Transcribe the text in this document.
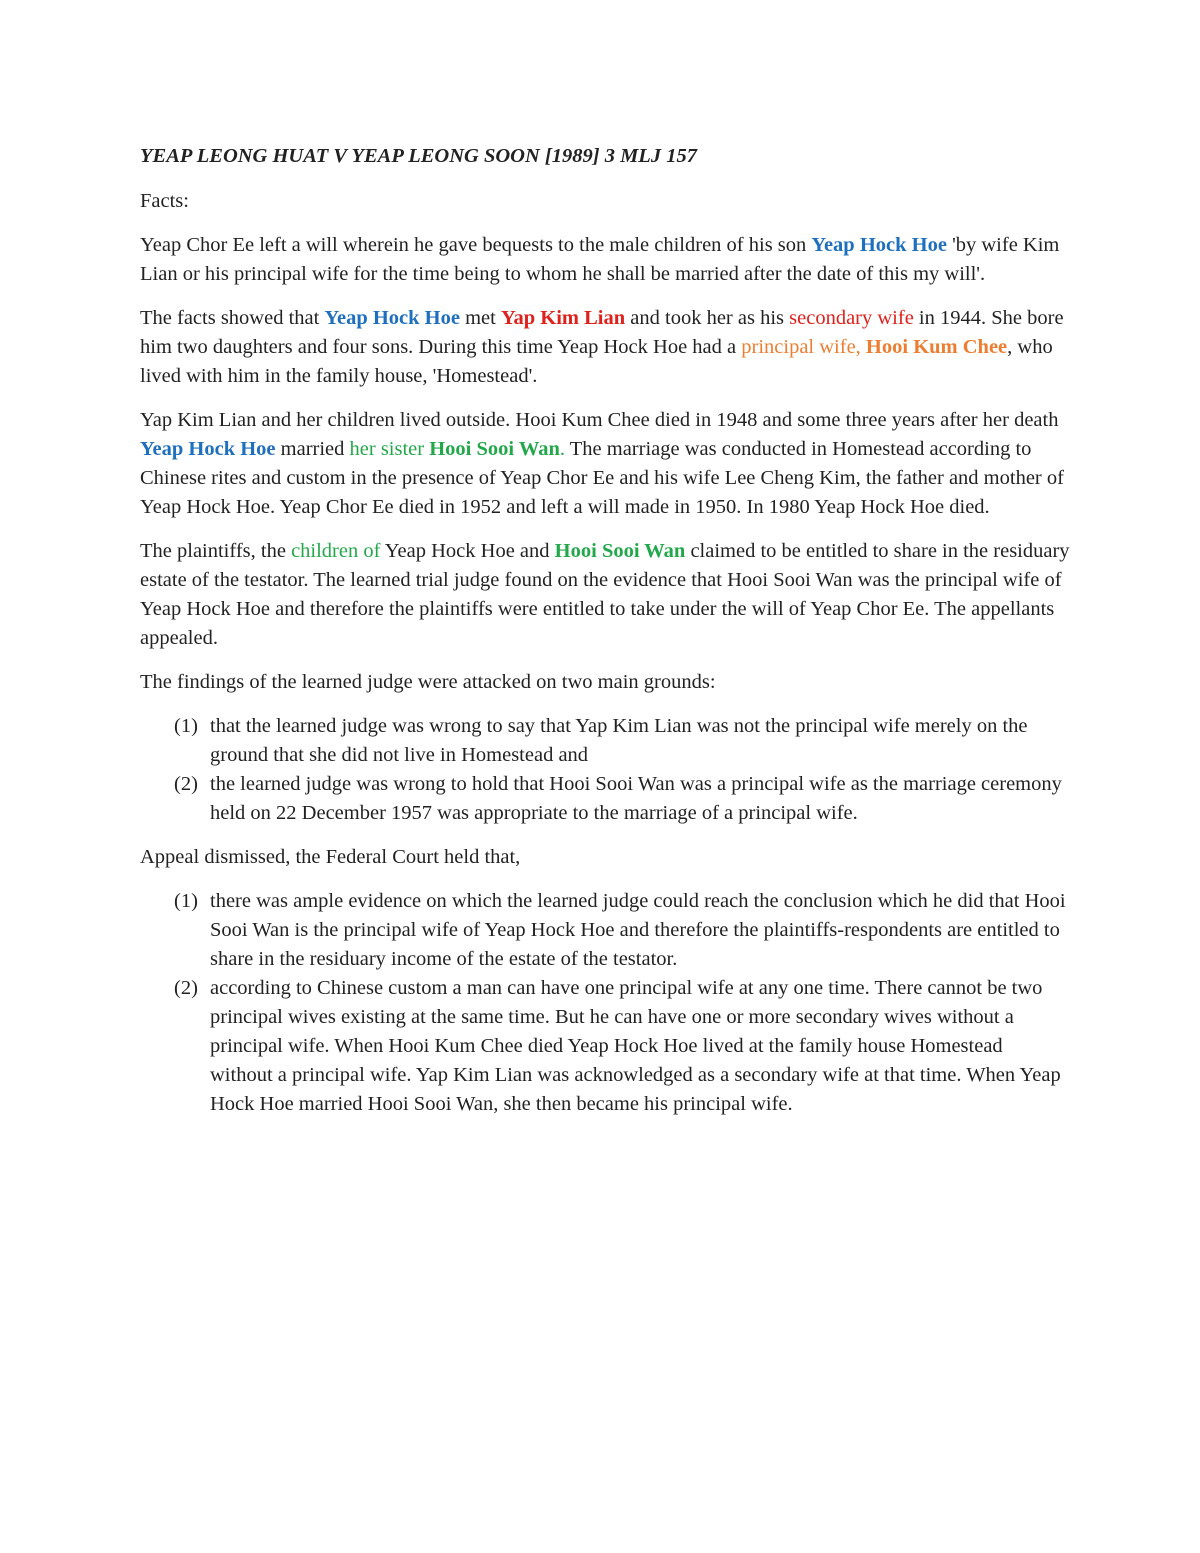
YEAP LEONG HUAT V YEAP LEONG SOON [1989] 3 MLJ 157

Facts:

Yeap Chor Ee left a will wherein he gave bequests to the male children of his son Yeap Hock Hoe 'by wife Kim Lian or his principal wife for the time being to whom he shall be married after the date of this my will'.

The facts showed that Yeap Hock Hoe met Yap Kim Lian and took her as his secondary wife in 1944. She bore him two daughters and four sons. During this time Yeap Hock Hoe had a principal wife, Hooi Kum Chee, who lived with him in the family house, 'Homestead'.

Yap Kim Lian and her children lived outside. Hooi Kum Chee died in 1948 and some three years after her death Yeap Hock Hoe married her sister Hooi Sooi Wan. The marriage was conducted in Homestead according to Chinese rites and custom in the presence of Yeap Chor Ee and his wife Lee Cheng Kim, the father and mother of Yeap Hock Hoe. Yeap Chor Ee died in 1952 and left a will made in 1950. In 1980 Yeap Hock Hoe died.

The plaintiffs, the children of Yeap Hock Hoe and Hooi Sooi Wan claimed to be entitled to share in the residuary estate of the testator. The learned trial judge found on the evidence that Hooi Sooi Wan was the principal wife of Yeap Hock Hoe and therefore the plaintiffs were entitled to take under the will of Yeap Chor Ee. The appellants appealed.

The findings of the learned judge were attacked on two main grounds:

(1) that the learned judge was wrong to say that Yap Kim Lian was not the principal wife merely on the ground that she did not live in Homestead and
(2) the learned judge was wrong to hold that Hooi Sooi Wan was a principal wife as the marriage ceremony held on 22 December 1957 was appropriate to the marriage of a principal wife.

Appeal dismissed, the Federal Court held that,

(1) there was ample evidence on which the learned judge could reach the conclusion which he did that Hooi Sooi Wan is the principal wife of Yeap Hock Hoe and therefore the plaintiffs-respondents are entitled to share in the residuary income of the estate of the testator.
(2) according to Chinese custom a man can have one principal wife at any one time. There cannot be two principal wives existing at the same time. But he can have one or more secondary wives without a principal wife. When Hooi Kum Chee died Yeap Hock Hoe lived at the family house Homestead without a principal wife. Yap Kim Lian was acknowledged as a secondary wife at that time. When Yeap Hock Hoe married Hooi Sooi Wan, she then became his principal wife.
